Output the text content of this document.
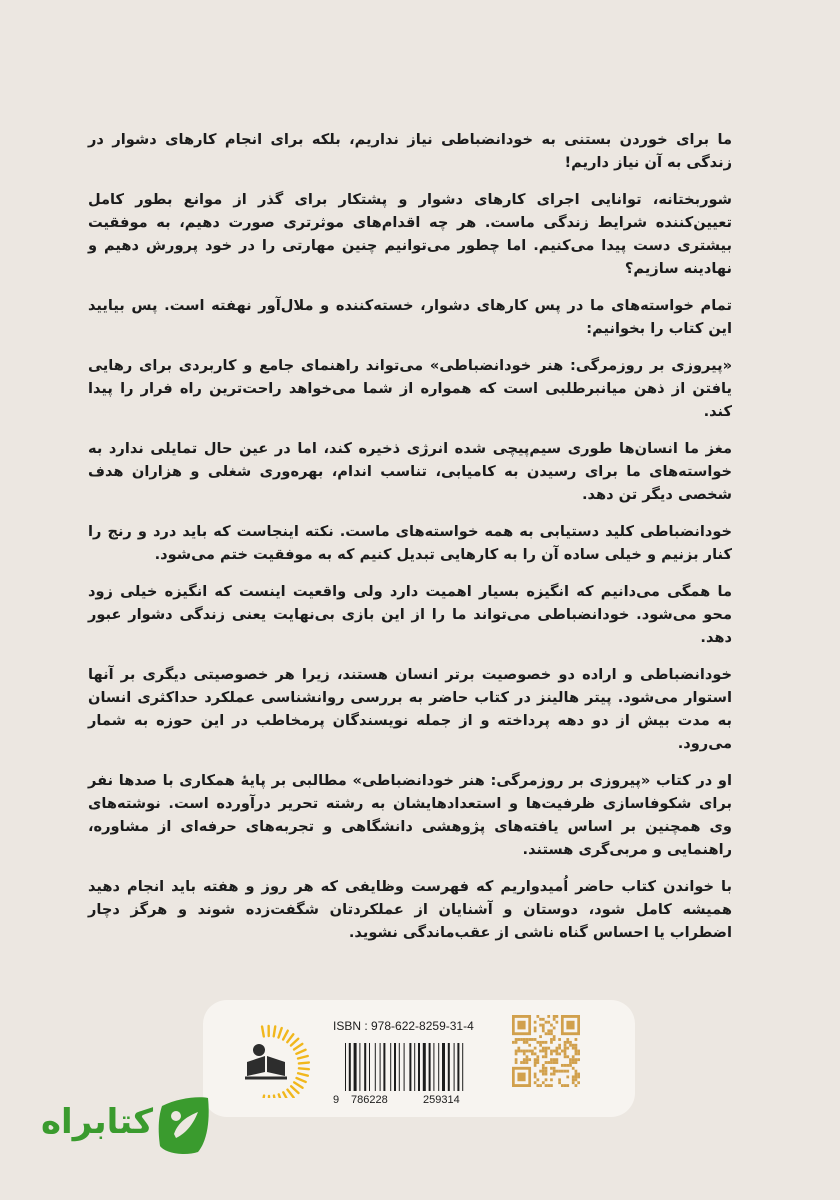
ما برای خوردن بستنی به خودانضباطی نیاز نداریم، بلکه برای انجام کارهای دشوار در زندگی به آن نیاز داریم!

شوربختانه، توانایی اجرای کارهای دشوار و پشتکار برای گذر از موانع بطور کامل تعیین‌کننده شرایط زندگی ماست. هر چه اقدام‌های موثرتری صورت دهیم، به موفقیت بیشتری دست پیدا می‌کنیم. اما چطور می‌توانیم چنین مهارتی را در خود پرورش دهیم و نهادینه سازیم؟

تمام خواسته‌های ما در پس کارهای دشوار، خسته‌کننده و ملال‌آور نهفته است. پس بیایید این کتاب را بخوانیم:

«پیروزی بر روزمرگی: هنر خودانضباطی» می‌تواند راهنمای جامع و کاربردی برای رهایی یافتن از ذهن میانبرطلبی است که همواره از شما می‌خواهد راحت‌ترین راه فرار را پیدا کند.

مغز ما انسان‌ها طوری سیم‌پیچی شده انرژی ذخیره کند، اما در عین حال تمایلی ندارد به خواسته‌های ما برای رسیدن به کامیابی، تناسب اندام، بهره‌وری شغلی و هزاران هدف شخصی دیگر تن دهد.

خودانضباطی کلید دستیابی به همه خواسته‌های ماست. نکته اینجاست که باید درد و رنج را کنار بزنیم و خیلی ساده آن را به کارهایی تبدیل کنیم که به موفقیت ختم می‌شود.

ما همگی می‌دانیم که انگیزه بسیار اهمیت دارد ولی واقعیت اینست که انگیزه خیلی زود محو می‌شود. خودانضباطی می‌تواند ما را از این بازی بی‌نهایت یعنی زندگی دشوار عبور دهد.

خودانضباطی و اراده دو خصوصیت برتر انسان هستند، زیرا هر خصوصیتی دیگری بر آنها استوار می‌شود. پیتر هالینز در کتاب حاضر به بررسی روانشناسی عملکرد حداکثری انسان به مدت بیش از دو دهه پرداخته و از جمله نویسندگان پرمخاطب در این حوزه به شمار می‌رود.

او در کتاب «پیروزی بر روزمرگی: هنر خودانضباطی» مطالبی بر پایهٔ همکاری با صدها نفر برای شکوفاسازی ظرفیت‌ها و استعدادهایشان به رشته تحریر درآورده است. نوشته‌های وی همچنین بر اساس یافته‌های پژوهشی دانشگاهی و تجربه‌های حرفه‌ای از مشاوره، راهنمایی و مربی‌گری هستند.

با خواندن کتاب حاضر اُمیدواریم که فهرست وظایفی که هر روز و هفته باید انجام دهید همیشه کامل شود، دوستان و آشنایان از عملکردتان شگفت‌زده شوند و هرگز دچار اضطراب یا احساس گناه ناشی از عقب‌ماندگی نشوید.

ISBN : 978-622-8259-31-4
9 786228	259314
کتابراه
